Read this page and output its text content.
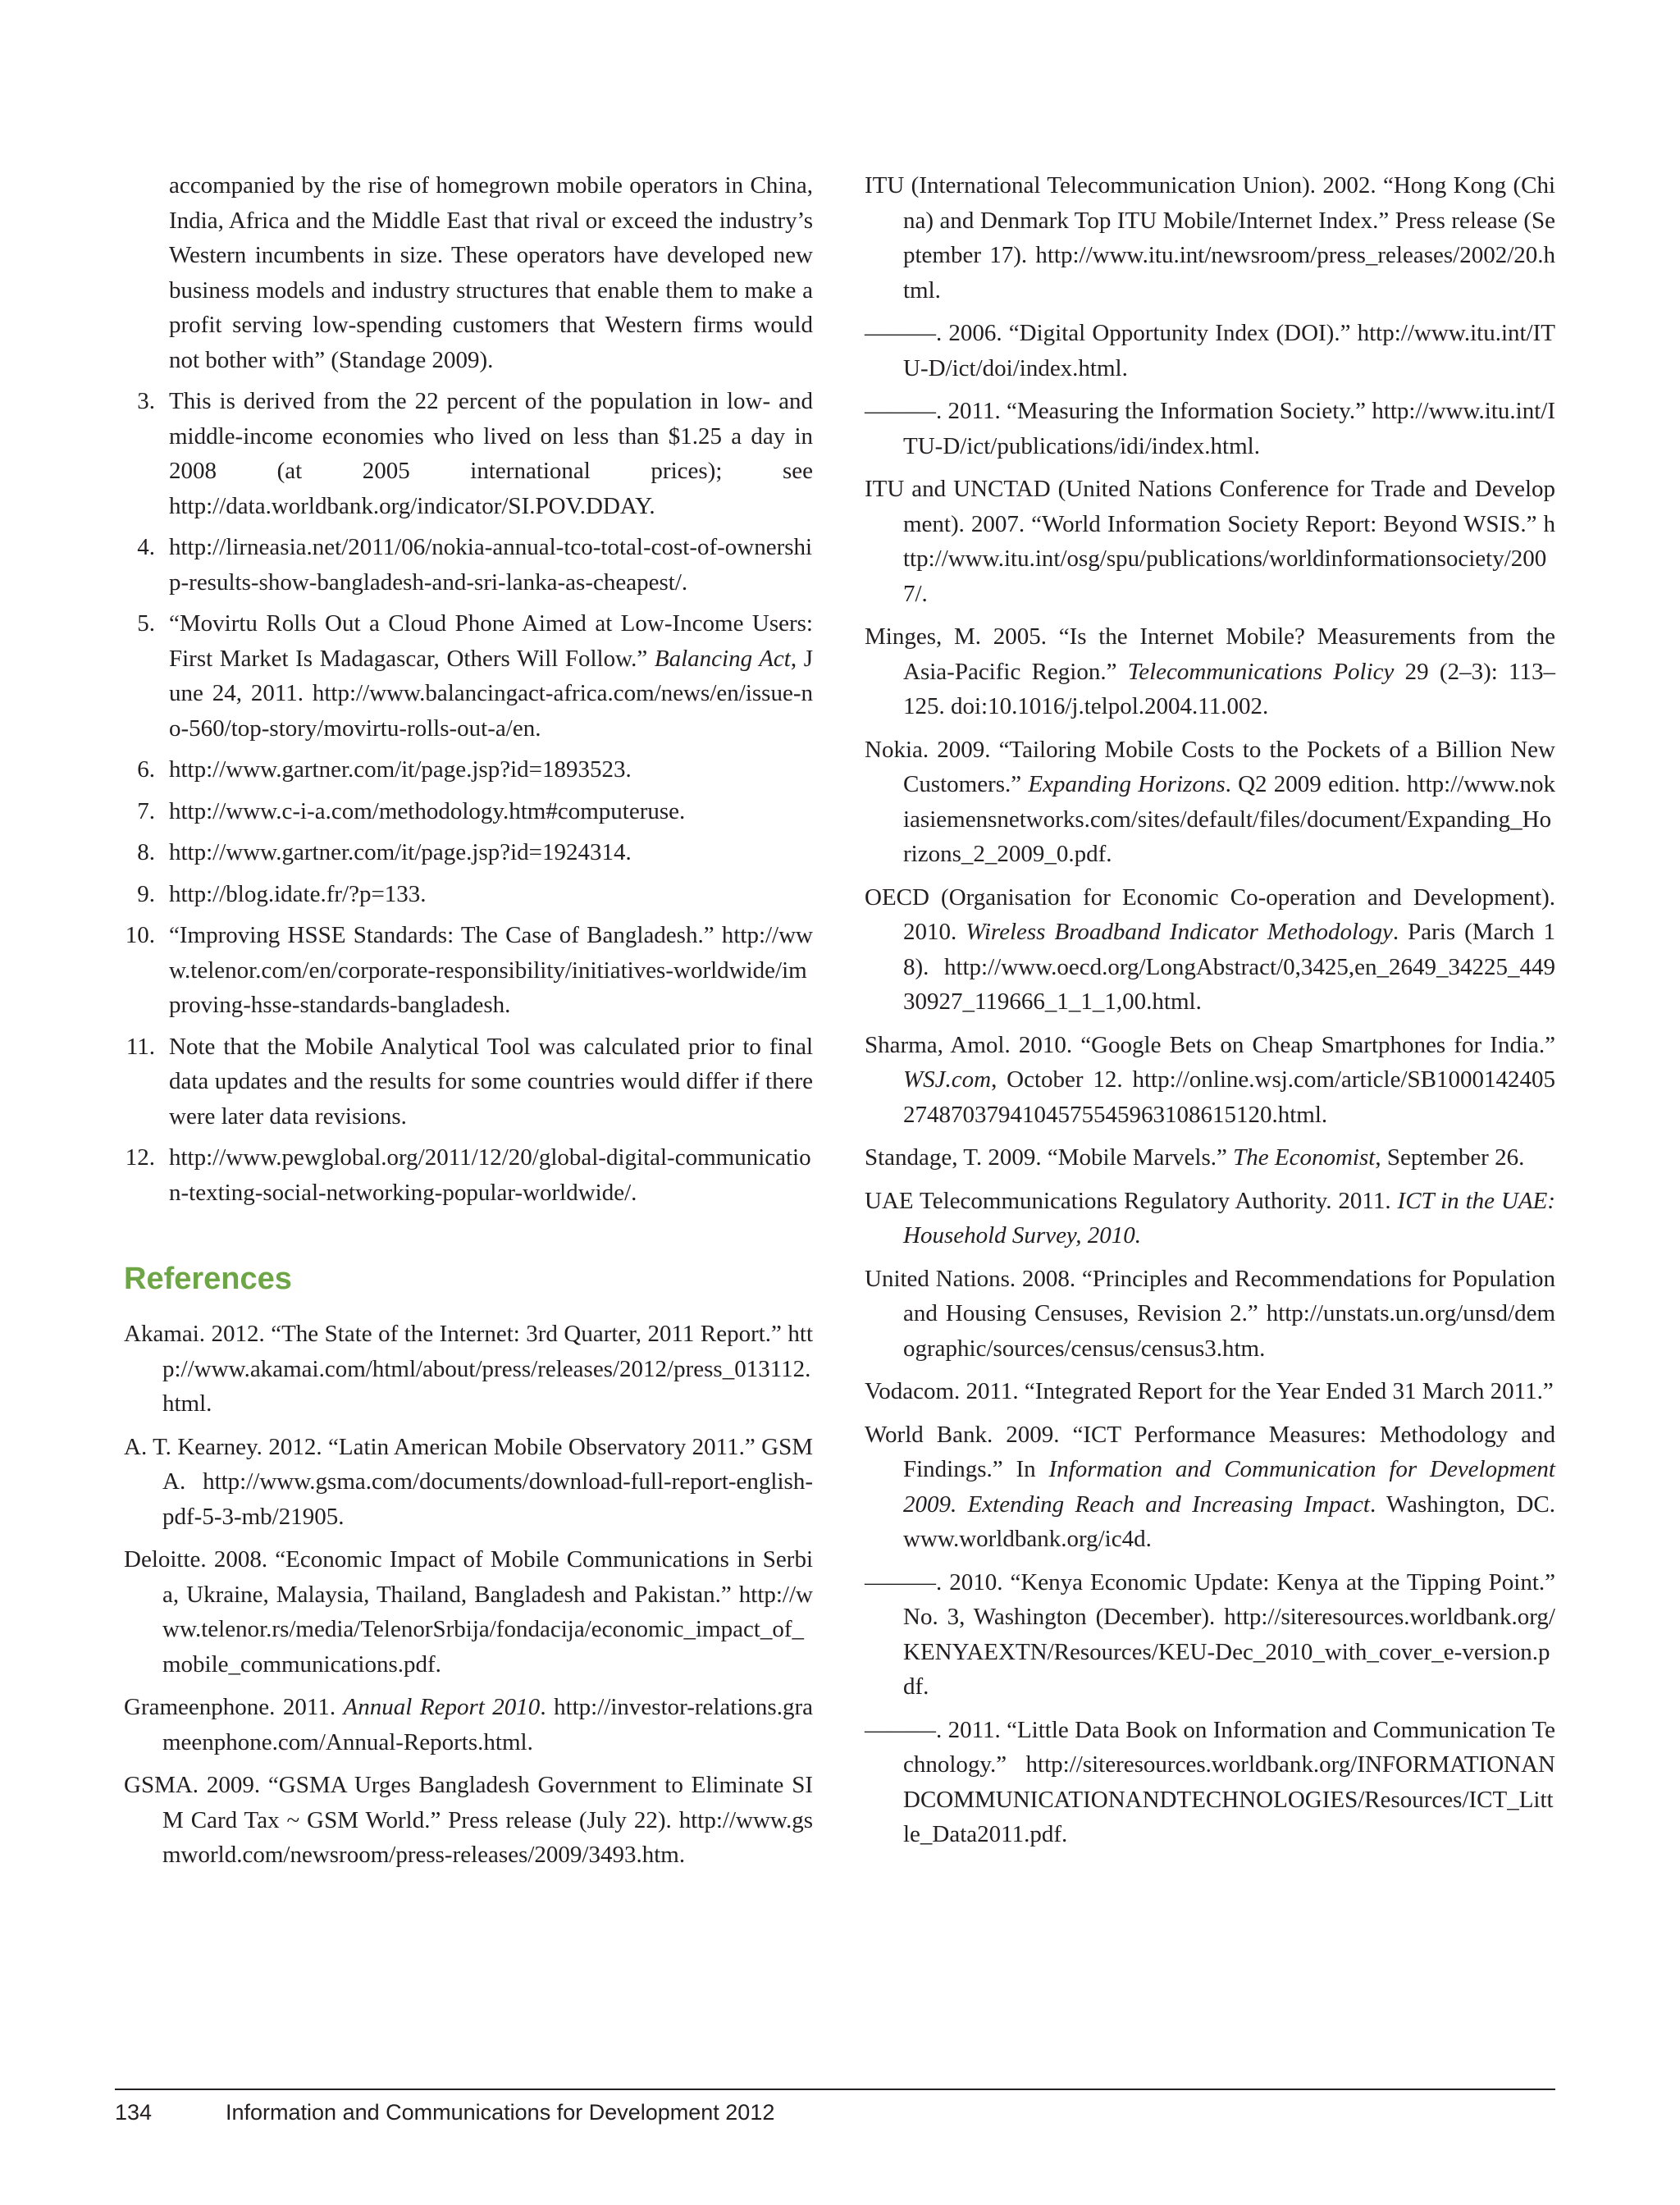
accompanied by the rise of homegrown mobile operators in China, India, Africa and the Middle East that rival or exceed the industry’s Western incumbents in size. These operators have developed new business models and industry structures that enable them to make a profit serving low-spending customers that Western firms would not bother with” (Standage 2009).
3. This is derived from the 22 percent of the population in low- and middle-income economies who lived on less than $1.25 a day in 2008 (at 2005 international prices); see http://data.worldbank.org/indicator/SI.POV.DDAY.
4. http://lirneasia.net/2011/06/nokia-annual-tco-total-cost-of-ownership-results-show-bangladesh-and-sri-lanka-as-cheapest/.
5. “Movirtu Rolls Out a Cloud Phone Aimed at Low-Income Users: First Market Is Madagascar, Others Will Follow.” Balancing Act, June 24, 2011. http://www.balancingact-africa.com/news/en/issue-no-560/top-story/movirtu-rolls-out-a/en.
6. http://www.gartner.com/it/page.jsp?id=1893523.
7. http://www.c-i-a.com/methodology.htm#computeruse.
8. http://www.gartner.com/it/page.jsp?id=1924314.
9. http://blog.idate.fr/?p=133.
10. “Improving HSSE Standards: The Case of Bangladesh.” http://www.telenor.com/en/corporate-responsibility/initiatives-worldwide/improving-hsse-standards-bangladesh.
11. Note that the Mobile Analytical Tool was calculated prior to final data updates and the results for some countries would differ if there were later data revisions.
12. http://www.pewglobal.org/2011/12/20/global-digital-communication-texting-social-networking-popular-worldwide/.
References

Akamai. 2012. “The State of the Internet: 3rd Quarter, 2011 Report.” http://www.akamai.com/html/about/press/releases/2012/press_013112.html.

A. T. Kearney. 2012. “Latin American Mobile Observatory 2011.” GSMA. http://www.gsma.com/documents/download-full-report-english-pdf-5-3-mb/21905.

Deloitte. 2008. “Economic Impact of Mobile Communications in Serbia, Ukraine, Malaysia, Thailand, Bangladesh and Pakistan.” http://www.telenor.rs/media/TelenorSrbija/fondacija/economic_impact_of_mobile_communications.pdf.

Grameenphone. 2011. Annual Report 2010. http://investor-relations.grameenphone.com/Annual-Reports.html.

GSMA. 2009. “GSMA Urges Bangladesh Government to Eliminate SIM Card Tax ~ GSM World.” Press release (July 22). http://www.gsmworld.com/newsroom/press-releases/2009/3493.htm.

ITU (International Telecommunication Union). 2002. “Hong Kong (China) and Denmark Top ITU Mobile/Internet Index.” Press release (September 17). http://www.itu.int/newsroom/press_releases/2002/20.html.

———. 2006. “Digital Opportunity Index (DOI).” http://www.itu.int/ITU-D/ict/doi/index.html.

———. 2011. “Measuring the Information Society.” http://www.itu.int/ITU-D/ict/publications/idi/index.html.

ITU and UNCTAD (United Nations Conference for Trade and Development). 2007. “World Information Society Report: Beyond WSIS.” http://www.itu.int/osg/spu/publications/worldinformationsociety/2007/.

Minges, M. 2005. “Is the Internet Mobile? Measurements from the Asia-Pacific Region.” Telecommunications Policy 29 (2–3): 113–125. doi:10.1016/j.telpol.2004.11.002.

Nokia. 2009. “Tailoring Mobile Costs to the Pockets of a Billion New Customers.” Expanding Horizons. Q2 2009 edition. http://www.nokiasiemensnetworks.com/sites/default/files/document/Expanding_Horizons_2_2009_0.pdf.

OECD (Organisation for Economic Co-operation and Development). 2010. Wireless Broadband Indicator Methodology. Paris (March 18). http://www.oecd.org/LongAbstract/0,3425,en_2649_34225_44930927_119666_1_1_1,00.html.

Sharma, Amol. 2010. “Google Bets on Cheap Smartphones for India.” WSJ.com, October 12. http://online.wsj.com/article/SB10001424052748703794104575545963108615120.html.

Standage, T. 2009. “Mobile Marvels.” The Economist, September 26.

UAE Telecommunications Regulatory Authority. 2011. ICT in the UAE: Household Survey, 2010.

United Nations. 2008. “Principles and Recommendations for Population and Housing Censuses, Revision 2.” http://unstats.un.org/unsd/demographic/sources/census/census3.htm.

Vodacom. 2011. “Integrated Report for the Year Ended 31 March 2011.”

World Bank. 2009. “ICT Performance Measures: Methodology and Findings.” In Information and Communication for Development 2009. Extending Reach and Increasing Impact. Washington, DC. www.worldbank.org/ic4d.

———. 2010. “Kenya Economic Update: Kenya at the Tipping Point.” No. 3, Washington (December). http://siteresources.worldbank.org/KENYAEXTN/Resources/KEU-Dec_2010_with_cover_e-version.pdf.

———. 2011. “Little Data Book on Information and Communication Technology.” http://siteresources.worldbank.org/INFORMATIONANDCOMMUNICATIONANDTECHNOLOGIES/Resources/ICT_Little_Data2011.pdf.

134	Information and Communications for Development 2012
